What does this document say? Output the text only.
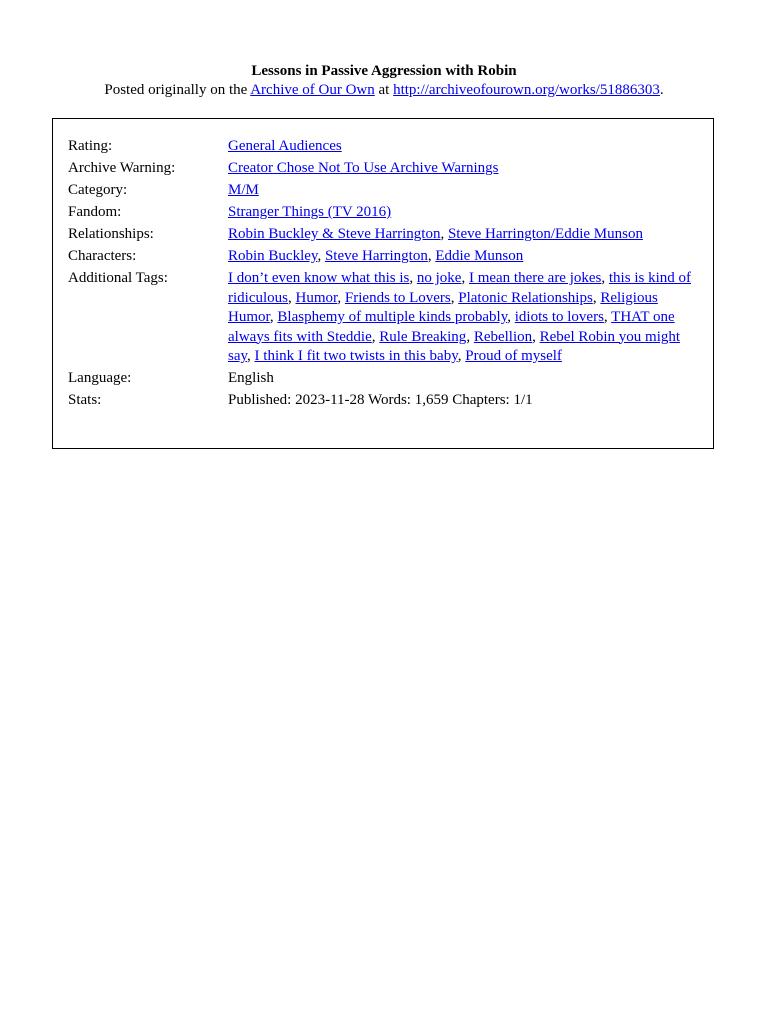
Lessons in Passive Aggression with Robin
Posted originally on the Archive of Our Own at http://archiveofourown.org/works/51886303.
Rating:	General Audiences
Archive Warning:	Creator Chose Not To Use Archive Warnings
Category:	M/M
Fandom:	Stranger Things (TV 2016)
Relationships:	Robin Buckley & Steve Harrington, Steve Harrington/Eddie Munson
Characters:	Robin Buckley, Steve Harrington, Eddie Munson
Additional Tags:	I don’t even know what this is, no joke, I mean there are jokes, this is kind of ridiculous, Humor, Friends to Lovers, Platonic Relationships, Religious Humor, Blasphemy of multiple kinds probably, idiots to lovers, THAT one always fits with Steddie, Rule Breaking, Rebellion, Rebel Robin you might say, I think I fit two twists in this baby, Proud of myself
Language:	English
Stats:	Published: 2023-11-28 Words: 1,659 Chapters: 1/1
